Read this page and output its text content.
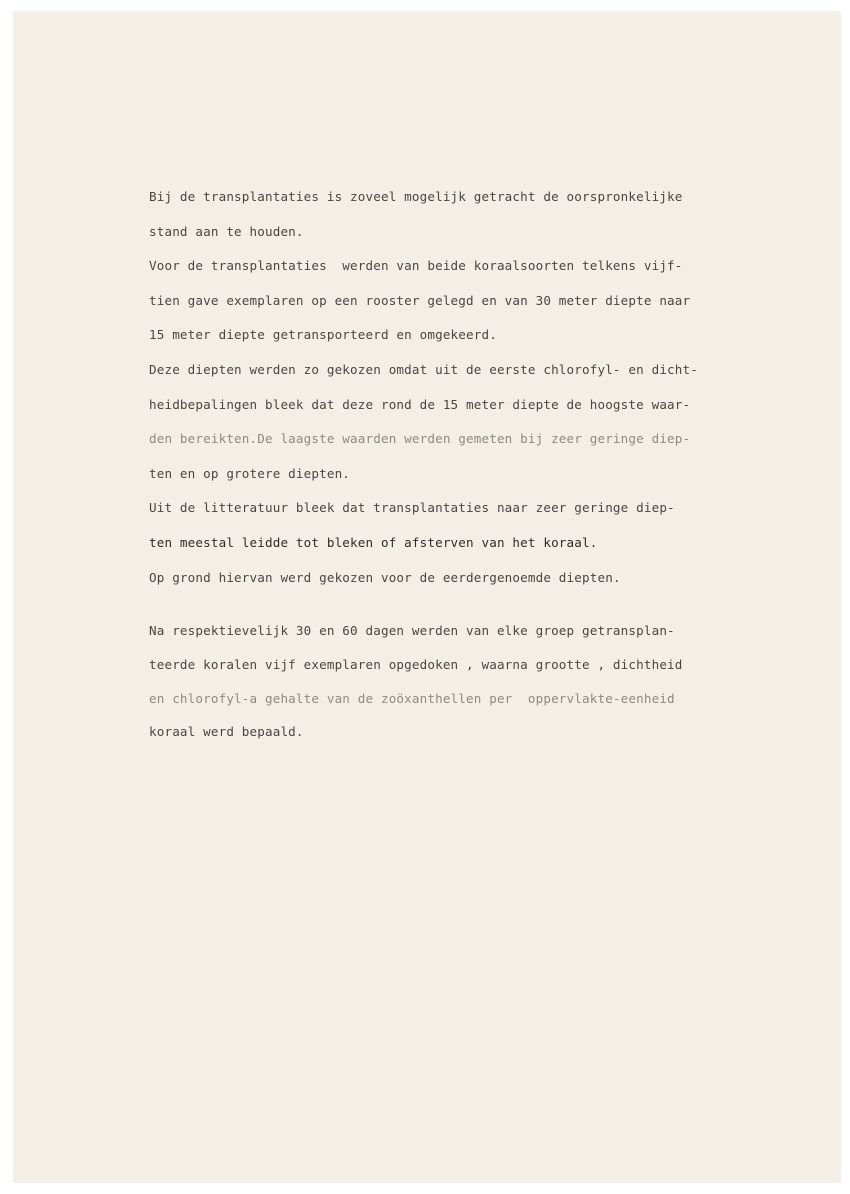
Bij de transplantaties is zoveel mogelijk getracht de oorspronkelijke
stand aan te houden.
Voor de transplantaties  werden van beide koraalsoorten telkens vijf-
tien gave exemplaren op een rooster gelegd en van 30 meter diepte naar
15 meter diepte getransporteerd en omgekeerd.
Deze diepten werden zo gekozen omdat uit de eerste chlorofyl- en dicht-
heidbepalingen bleek dat deze rond de 15 meter diepte de hoogste waar-
den bereikten.De laagste waarden werden gemeten bij zeer geringe diep-
ten en op grotere diepten.
Uit de litteratuur bleek dat transplantaties naar zeer geringe diep-
ten meestal leidde tot bleken of afsterven van het koraal.
Op grond hiervan werd gekozen voor de eerdergenoemde diepten.
Na respektievelijk 30 en 60 dagen werden van elke groep getransplan-
teerde koralen vijf exemplaren opgedoken , waarna grootte , dichtheid
en chlorofyl-a gehalte van de zoöxanthellen per  oppervlakte-eenheid
koraal werd bepaald.
